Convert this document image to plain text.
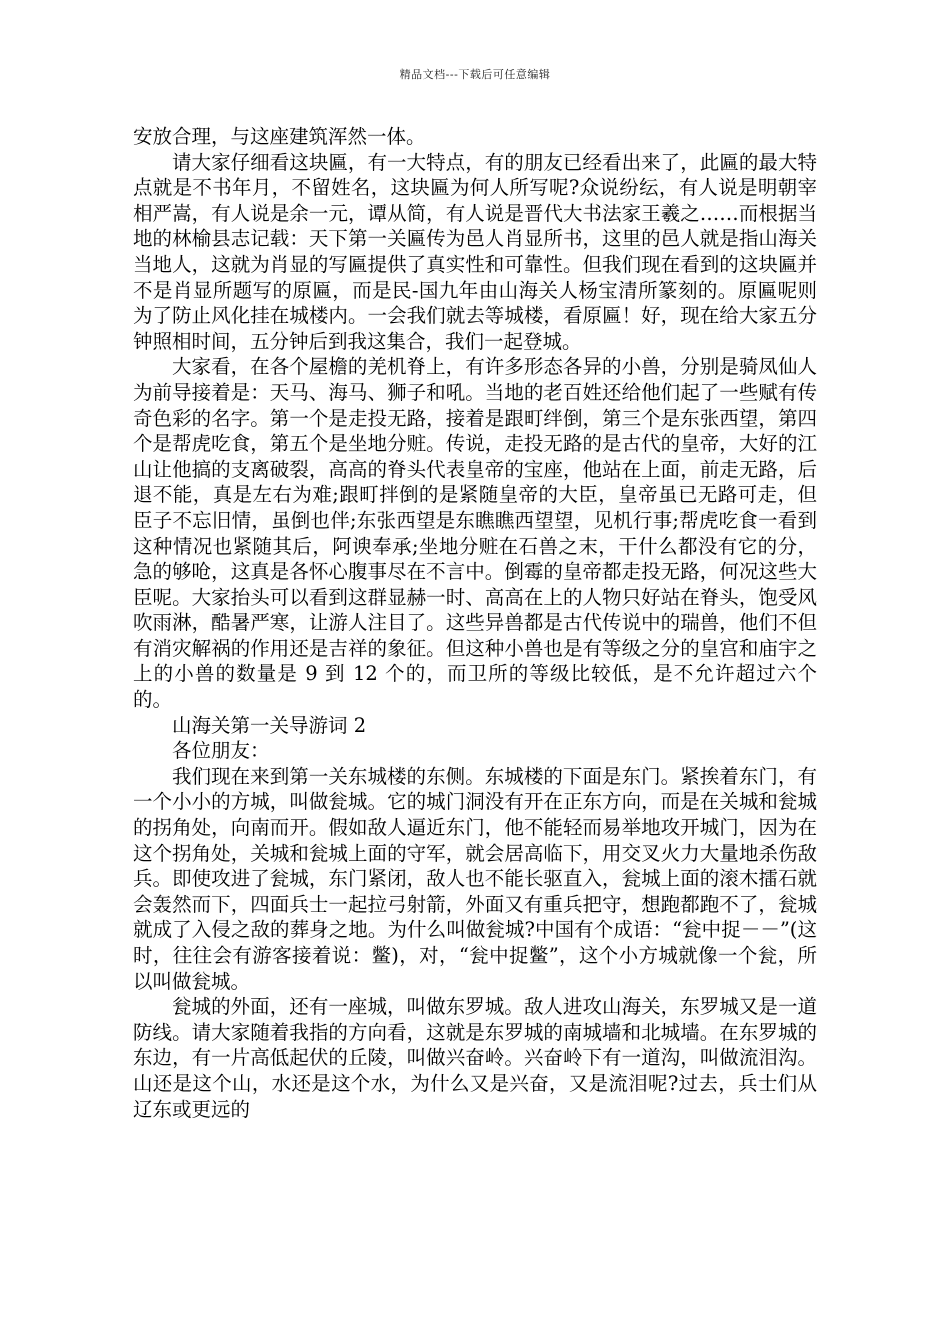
精品文档---下载后可任意编辑

安放合理，与这座建筑浑然一体。

请大家仔细看这块匾，有一大特点，有的朋友已经看出来了，此匾的最大特点就是不书年月，不留姓名，这块匾为何人所写呢?众说纷纭，有人说是明朝宰相严嵩，有人说是余一元，谭从简，有人说是晋代大书法家王羲之……而根据当地的林榆县志记载：天下第一关匾传为邑人肖显所书，这里的邑人就是指山海关当地人，这就为肖显的写匾提供了真实性和可靠性。但我们现在看到的这块匾并不是肖显所题写的原匾，而是民-国九年由山海关人杨宝清所篆刻的。原匾呢则为了防止风化挂在城楼内。一会我们就去等城楼，看原匾！好，现在给大家五分钟照相时间，五分钟后到我这集合，我们一起登城。

大家看，在各个屋檐的羌机脊上，有许多形态各异的小兽，分别是骑凤仙人为前导接着是：天马、海马、狮子和吼。当地的老百姓还给他们起了一些赋有传奇色彩的名字。第一个是走投无路，接着是跟町绊倒，第三个是东张西望，第四个是帮虎吃食，第五个是坐地分赃。传说，走投无路的是古代的皇帝，大好的江山让他搞的支离破裂，高高的脊头代表皇帝的宝座，他站在上面，前走无路，后退不能，真是左右为难;跟町拌倒的是紧随皇帝的大臣，皇帝虽已无路可走，但臣子不忘旧情，虽倒也伴;东张西望是东瞧瞧西望望，见机行事;帮虎吃食一看到这种情况也紧随其后，阿谀奉承;坐地分赃在石兽之末，干什么都没有它的分，急的够呛，这真是各怀心腹事尽在不言中。倒霉的皇帝都走投无路，何况这些大臣呢。大家抬头可以看到这群显赫一时、高高在上的人物只好站在脊头，饱受风吹雨淋，酷暑严寒，让游人注目了。这些异兽都是古代传说中的瑞兽，他们不但有消灾解祸的作用还是吉祥的象征。但这种小兽也是有等级之分的皇宫和庙宇之上的小兽的数量是 9 到 12 个的，而卫所的等级比较低，是不允许超过六个的。

山海关第一关导游词 2

各位朋友：

我们现在来到第一关东城楼的东侧。东城楼的下面是东门。紧挨着东门，有一个小小的方城，叫做瓮城。它的城门洞没有开在正东方向，而是在关城和瓮城的拐角处，向南而开。假如敌人逼近东门，他不能轻而易举地攻开城门，因为在这个拐角处，关城和瓮城上面的守军，就会居高临下，用交叉火力大量地杀伤敌兵。即使攻进了瓮城，东门紧闭，敌人也不能长驱直入，瓮城上面的滚木擂石就会轰然而下，四面兵士一起拉弓射箭，外面又有重兵把守，想跑都跑不了，瓮城就成了入侵之敌的葬身之地。为什么叫做瓮城?中国有个成语：“瓮中捉－－”(这时，往往会有游客接着说：鳖)，对，“瓮中捉鳖”，这个小方城就像一个瓮，所以叫做瓮城。

瓮城的外面，还有一座城，叫做东罗城。敌人进攻山海关，东罗城又是一道防线。请大家随着我指的方向看，这就是东罗城的南城墙和北城墙。在东罗城的东边，有一片高低起伏的丘陵，叫做兴奋岭。兴奋岭下有一道沟，叫做流泪沟。山还是这个山，水还是这个水，为什么又是兴奋，又是流泪呢?过去，兵士们从辽东或更远的
